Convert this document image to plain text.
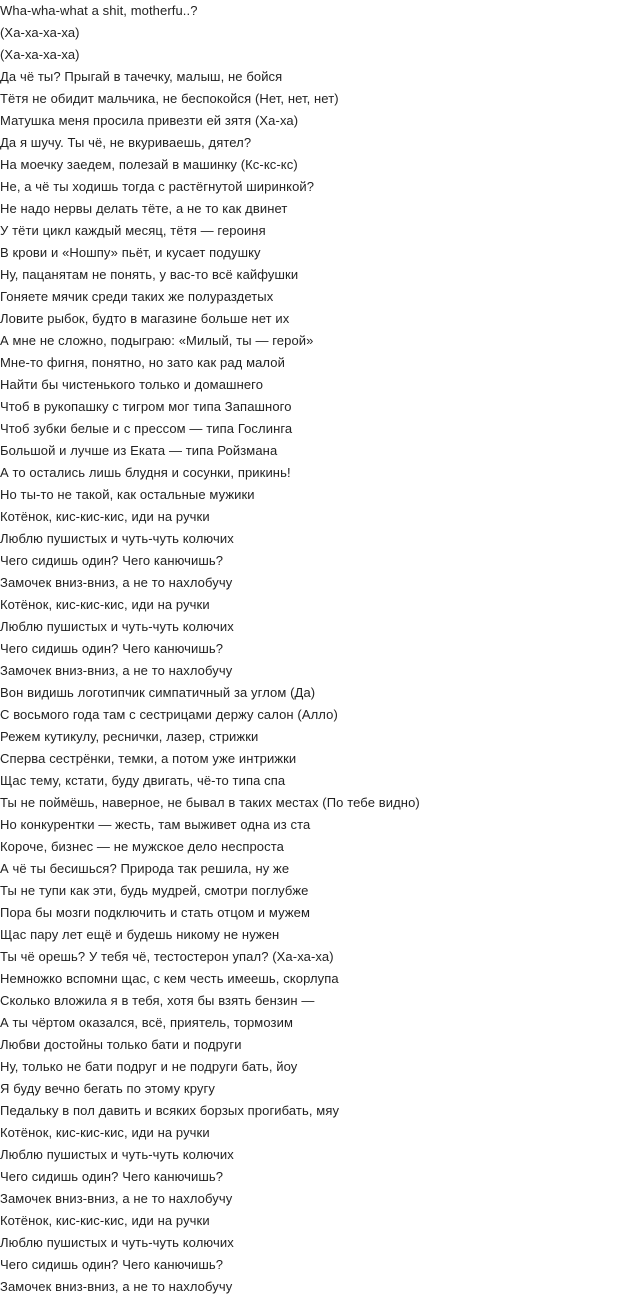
Wha-wha-what a shit, motherfu..?
(Ха-ха-ха-ха)
(Ха-ха-ха-ха)
Да чё ты? Прыгай в тачечку, малыш, не бойся
Тётя не обидит мальчика, не беспокойся (Нет, нет, нет)
Матушка меня просила привезти ей зятя (Ха-ха)
Да я шучу. Ты чё, не вкуриваешь, дятел?
На моечку заедем, полезай в машинку (Кс-кс-кс)
Не, а чё ты ходишь тогда с растёгнутой ширинкой?
Не надо нервы делать тёте, а не то как двинет
У тёти цикл каждый месяц, тётя — героиня
В крови и «Ношпу» пьёт, и кусает подушку
Ну, пацанятам не понять, у вас-то всё кайфушки
Гоняете мячик среди таких же полураздетых
Ловите рыбок, будто в магазине больше нет их
А мне не сложно, подыграю: «Милый, ты — герой»
Мне-то фигня, понятно, но зато как рад малой
Найти бы чистенького только и домашнего
Чтоб в рукопашку с тигром мог типа Запашного
Чтоб зубки белые и с прессом — типа Гослинга
Большой и лучше из Еката — типа Ройзмана
А то остались лишь блудня и сосунки, прикинь!
Но ты-то не такой, как остальные мужики
Котёнок, кис-кис-кис, иди на ручки
Люблю пушистых и чуть-чуть колючих
Чего сидишь один? Чего канючишь?
Замочек вниз-вниз, а не то нахлобучу
Котёнок, кис-кис-кис, иди на ручки
Люблю пушистых и чуть-чуть колючих
Чего сидишь один? Чего канючишь?
Замочек вниз-вниз, а не то нахлобучу
Вон видишь логотипчик симпатичный за углом (Да)
С восьмого года там с сестрицами держу салон (Алло)
Режем кутикулу, реснички, лазер, стрижки
Сперва сестрёнки, темки, а потом уже интрижки
Щас тему, кстати, буду двигать, чё-то типа спа
Ты не поймёшь, наверное, не бывал в таких местах (По тебе видно)
Но конкурентки — жесть, там выживет одна из ста
Короче, бизнес — не мужское дело неспроста
А чё ты бесишься? Природа так решила, ну же
Ты не тупи как эти, будь мудрей, смотри поглубже
Пора бы мозги подключить и стать отцом и мужем
Щас пару лет ещё и будешь никому не нужен
Ты чё орешь? У тебя чё, тестостерон упал? (Ха-ха-ха)
Немножко вспомни щас, с кем честь имеешь, скорлупа
Сколько вложила я в тебя, хотя бы взять бензин —
А ты чёртом оказался, всё, приятель, тормозим
Любви достойны только бати и подруги
Ну, только не бати подруг и не подруги бать, йоу
Я буду вечно бегать по этому кругу
Педальку в пол давить и всяких борзых прогибать, мяу
Котёнок, кис-кис-кис, иди на ручки
Люблю пушистых и чуть-чуть колючих
Чего сидишь один? Чего канючишь?
Замочек вниз-вниз, а не то нахлобучу
Котёнок, кис-кис-кис, иди на ручки
Люблю пушистых и чуть-чуть колючих
Чего сидишь один? Чего канючишь?
Замочек вниз-вниз, а не то нахлобучу
